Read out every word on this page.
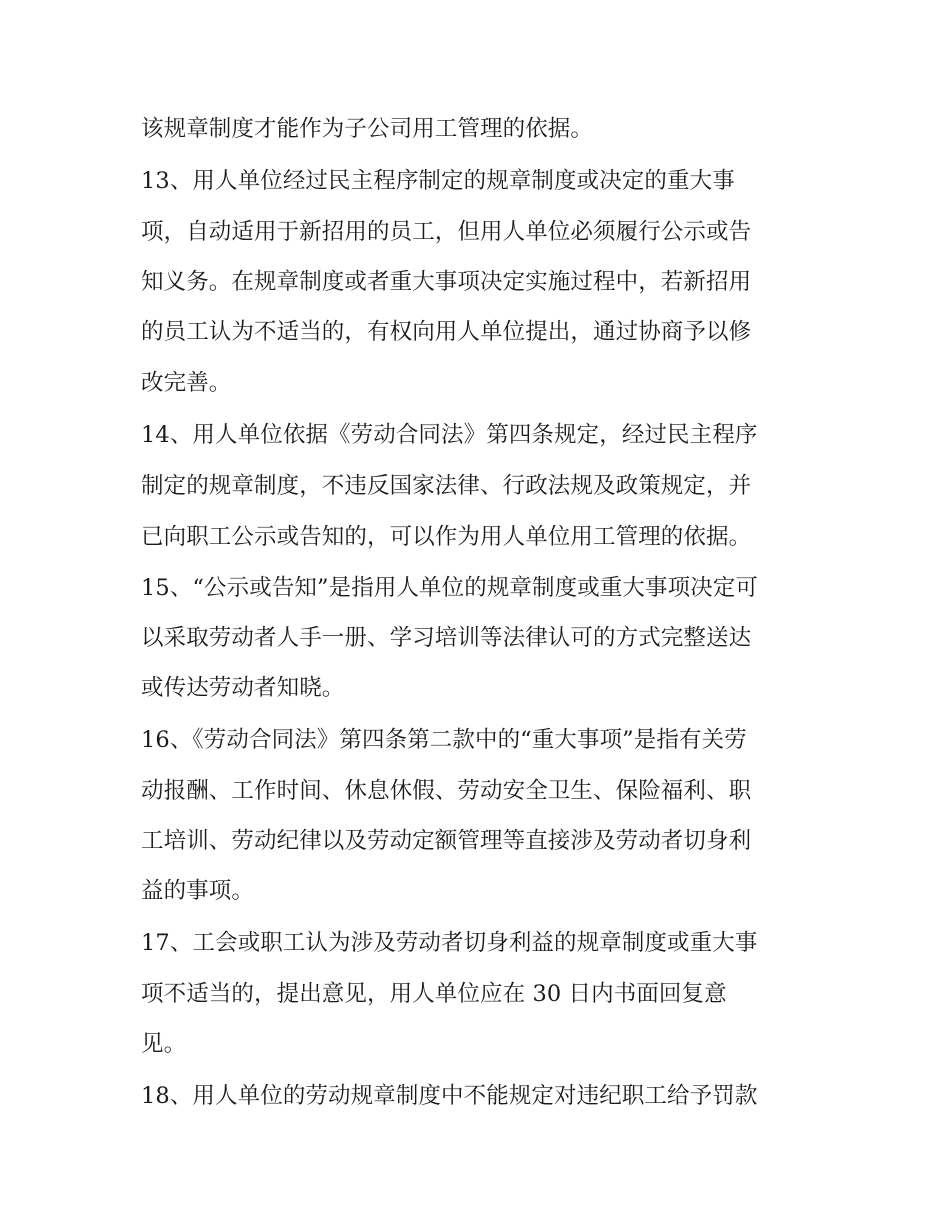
该规章制度才能作为子公司用工管理的依据。
13、用人单位经过民主程序制定的规章制度或决定的重大事
项，自动适用于新招用的员工，但用人单位必须履行公示或告
知义务。在规章制度或者重大事项决定实施过程中，若新招用
的员工认为不适当的，有权向用人单位提出，通过协商予以修
改完善。
14、用人单位依据《劳动合同法》第四条规定，经过民主程序
制定的规章制度，不违反国家法律、行政法规及政策规定，并
已向职工公示或告知的，可以作为用人单位用工管理的依据。
15、“公示或告知”是指用人单位的规章制度或重大事项决定可
以采取劳动者人手一册、学习培训等法律认可的方式完整送达
或传达劳动者知晓。
16、《劳动合同法》第四条第二款中的“重大事项”是指有关劳
动报酬、工作时间、休息休假、劳动安全卫生、保险福利、职
工培训、劳动纪律以及劳动定额管理等直接涉及劳动者切身利
益的事项。
17、工会或职工认为涉及劳动者切身利益的规章制度或重大事
项不适当的，提出意见，用人单位应在 30 日内书面回复意
见。
18、用人单位的劳动规章制度中不能规定对违纪职工给予罚款
